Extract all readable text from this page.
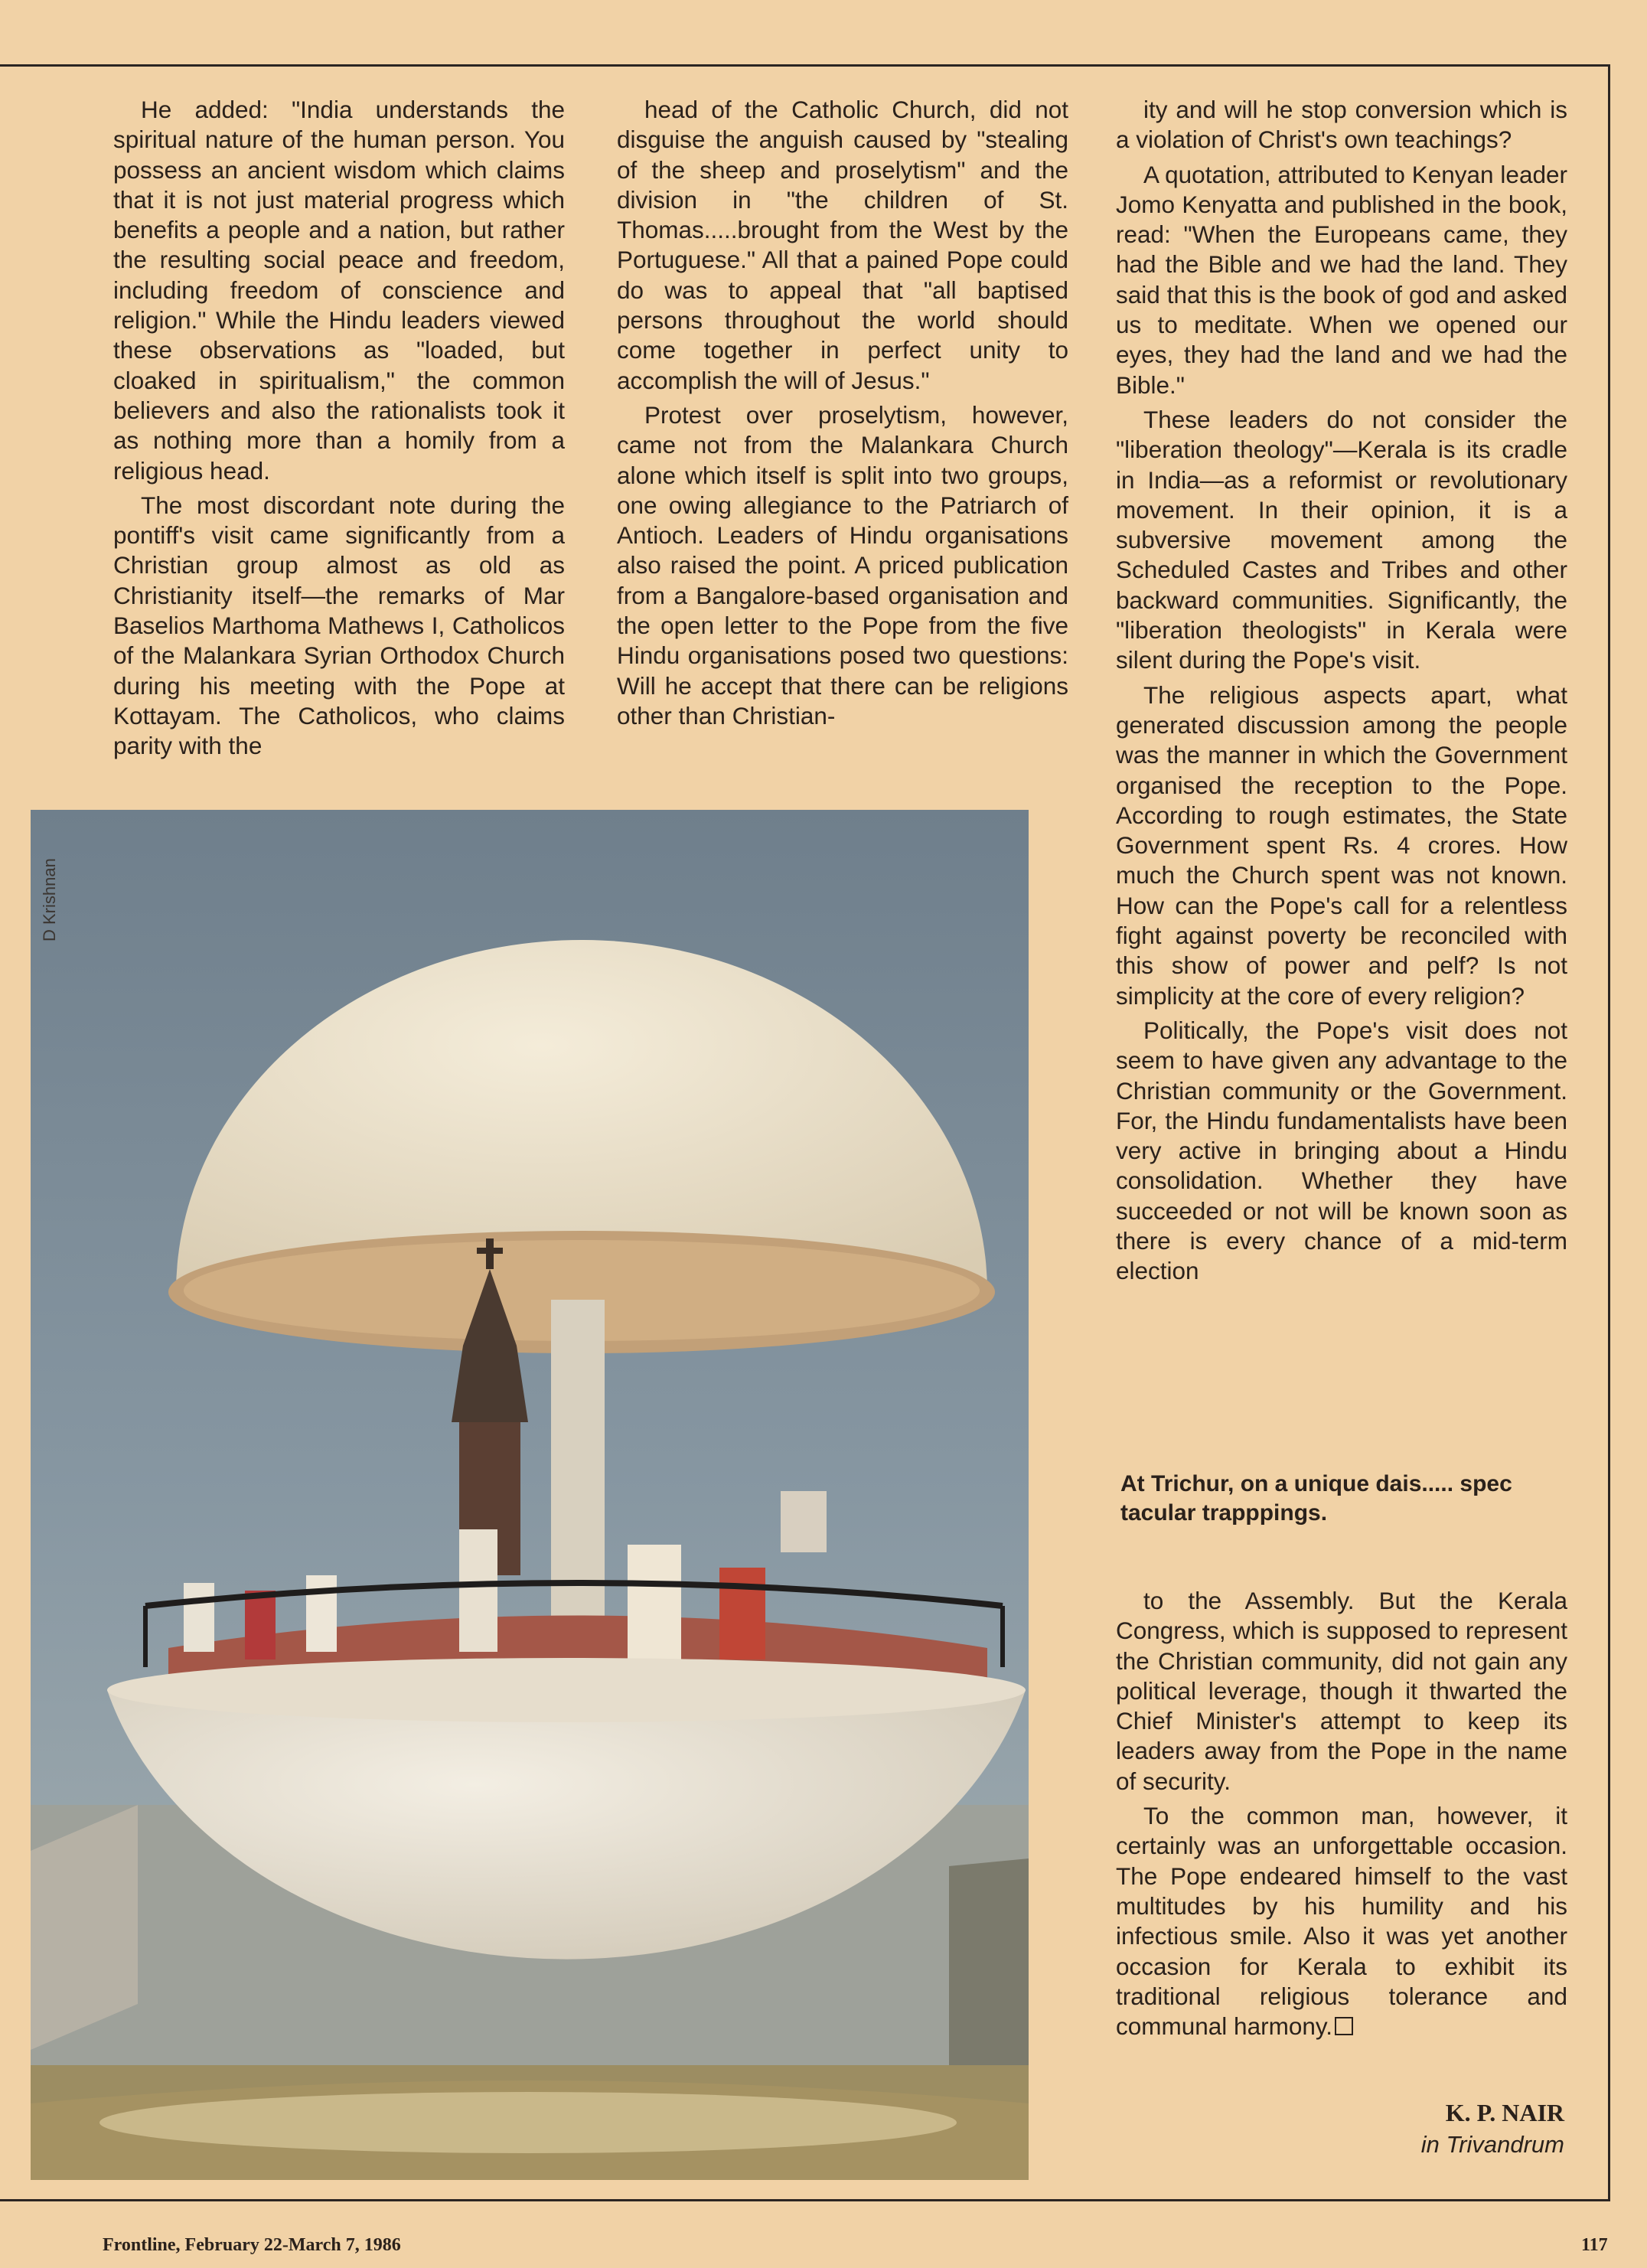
He added: "India understands the spiritual nature of the human person. You possess an ancient wisdom which claims that it is not just material progress which benefits a people and a nation, but rather the resulting social peace and freedom, including freedom of conscience and religion." While the Hindu leaders viewed these observations as "loaded, but cloaked in spiritualism," the common believers and also the rationalists took it as nothing more than a homily from a religious head.

The most discordant note during the pontiff's visit came significantly from a Christian group almost as old as Christianity itself—the remarks of Mar Baselios Marthoma Mathews I, Catholicos of the Malankara Syrian Orthodox Church during his meeting with the Pope at Kottayam. The Catholicos, who claims parity with the

head of the Catholic Church, did not disguise the anguish caused by "stealing of the sheep and proselytism" and the division in "the children of St. Thomas.....brought from the West by the Portuguese." All that a pained Pope could do was to appeal that "all baptised persons throughout the world should come together in perfect unity to accomplish the will of Jesus."

Protest over proselytism, however, came not from the Malankara Church alone which itself is split into two groups, one owing allegiance to the Patriarch of Antioch. Leaders of Hindu organisations also raised the point. A priced publication from a Bangalore-based organisation and the open letter to the Pope from the five Hindu organisations posed two questions: Will he accept that there can be religions other than Christian-

ity and will he stop conversion which is a violation of Christ's own teachings?

A quotation, attributed to Kenyan leader Jomo Kenyatta and published in the book, read: "When the Europeans came, they had the Bible and we had the land. They said that this is the book of god and asked us to meditate. When we opened our eyes, they had the land and we had the Bible."

These leaders do not consider the "liberation theology"—Kerala is its cradle in India—as a reformist or revolutionary movement. In their opinion, it is a subversive movement among the Scheduled Castes and Tribes and other backward communities. Significantly, the "liberation theologists" in Kerala were silent during the Pope's visit.

The religious aspects apart, what generated discussion among the people was the manner in which the Government organised the reception to the Pope. According to rough estimates, the State Government spent Rs. 4 crores. How much the Church spent was not known. How can the Pope's call for a relentless fight against poverty be reconciled with this show of power and pelf? Is not simplicity at the core of every religion?

Politically, the Pope's visit does not seem to have given any advantage to the Christian community or the Government. For, the Hindu fundamentalists have been very active in bringing about a Hindu consolidation. Whether they have succeeded or not will be known soon as there is every chance of a mid-term election

At Trichur, on a unique dais..... spec tacular trapppings.

to the Assembly. But the Kerala Congress, which is supposed to represent the Christian community, did not gain any political leverage, though it thwarted the Chief Minister's attempt to keep its leaders away from the Pope in the name of security.

To the common man, however, it certainly was an unforgettable occasion. The Pope endeared himself to the vast multitudes by his humility and his infectious smile. Also it was yet another occasion for Kerala to exhibit its traditional religious tolerance and communal harmony.

K. P. NAIR
in Trivandrum
D Krishnan
Frontline, February 22-March 7, 1986	117
